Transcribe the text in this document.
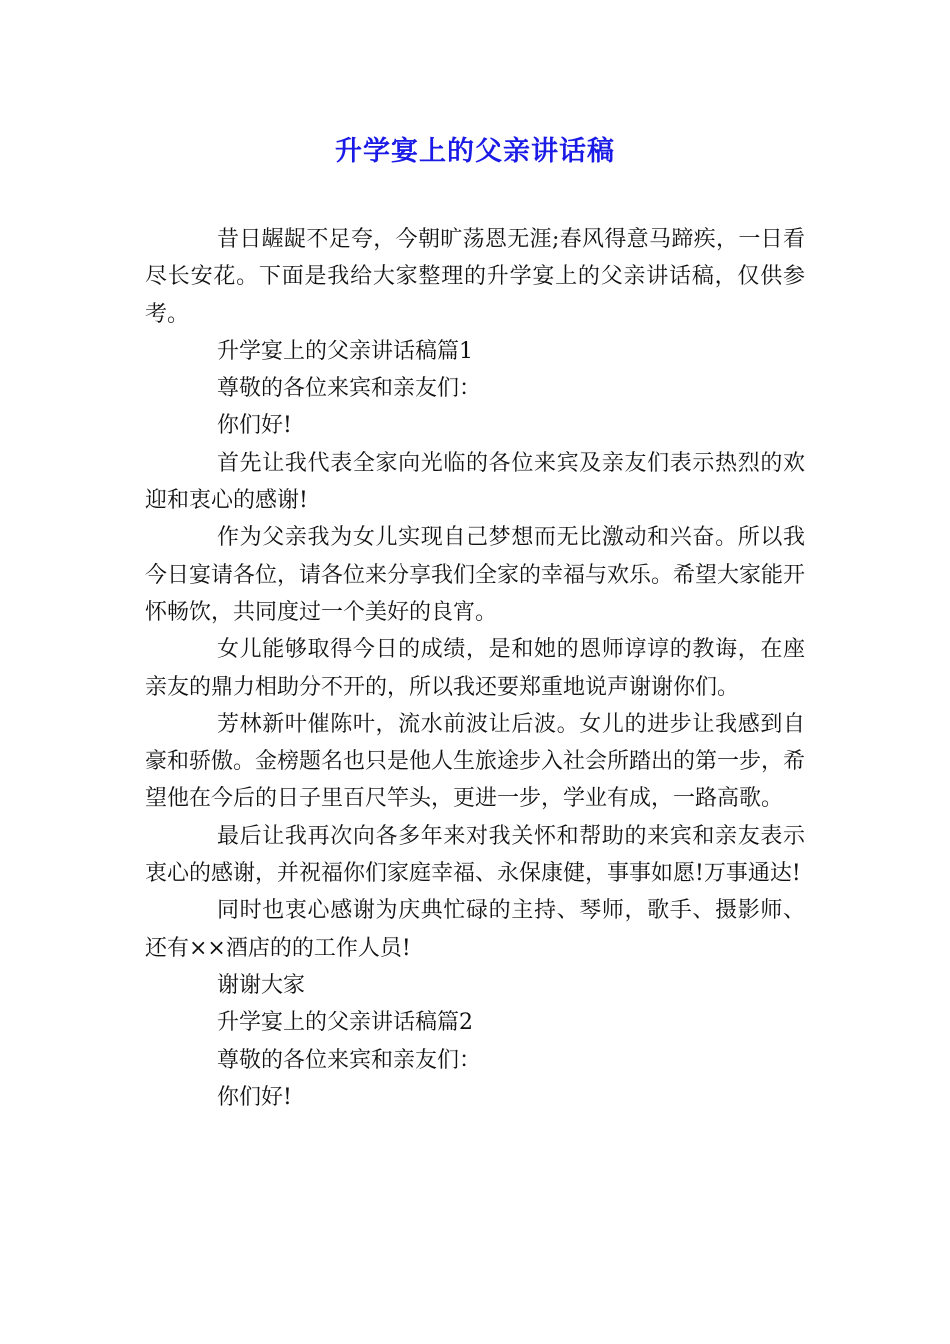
升学宴上的父亲讲话稿

昔日龌龊不足夸，今朝旷荡恩无涯;春风得意马蹄疾，一日看尽长安花。下面是我给大家整理的升学宴上的父亲讲话稿，仅供参考。

升学宴上的父亲讲话稿篇1

尊敬的各位来宾和亲友们：

你们好!

首先让我代表全家向光临的各位来宾及亲友们表示热烈的欢迎和衷心的感谢!

作为父亲我为女儿实现自己梦想而无比激动和兴奋。所以我今日宴请各位，请各位来分享我们全家的幸福与欢乐。希望大家能开怀畅饮，共同度过一个美好的良宵。

女儿能够取得今日的成绩，是和她的恩师谆谆的教诲，在座亲友的鼎力相助分不开的，所以我还要郑重地说声谢谢你们。

芳林新叶催陈叶，流水前波让后波。女儿的进步让我感到自豪和骄傲。金榜题名也只是他人生旅途步入社会所踏出的第一步，希望他在今后的日子里百尺竿头，更进一步，学业有成，一路高歌。

最后让我再次向各多年来对我关怀和帮助的来宾和亲友表示衷心的感谢，并祝福你们家庭幸福、永保康健，事事如愿!万事通达!

同时也衷心感谢为庆典忙碌的主持、琴师，歌手、摄影师、还有××酒店的的工作人员!

谢谢大家

升学宴上的父亲讲话稿篇2

尊敬的各位来宾和亲友们：

你们好!
